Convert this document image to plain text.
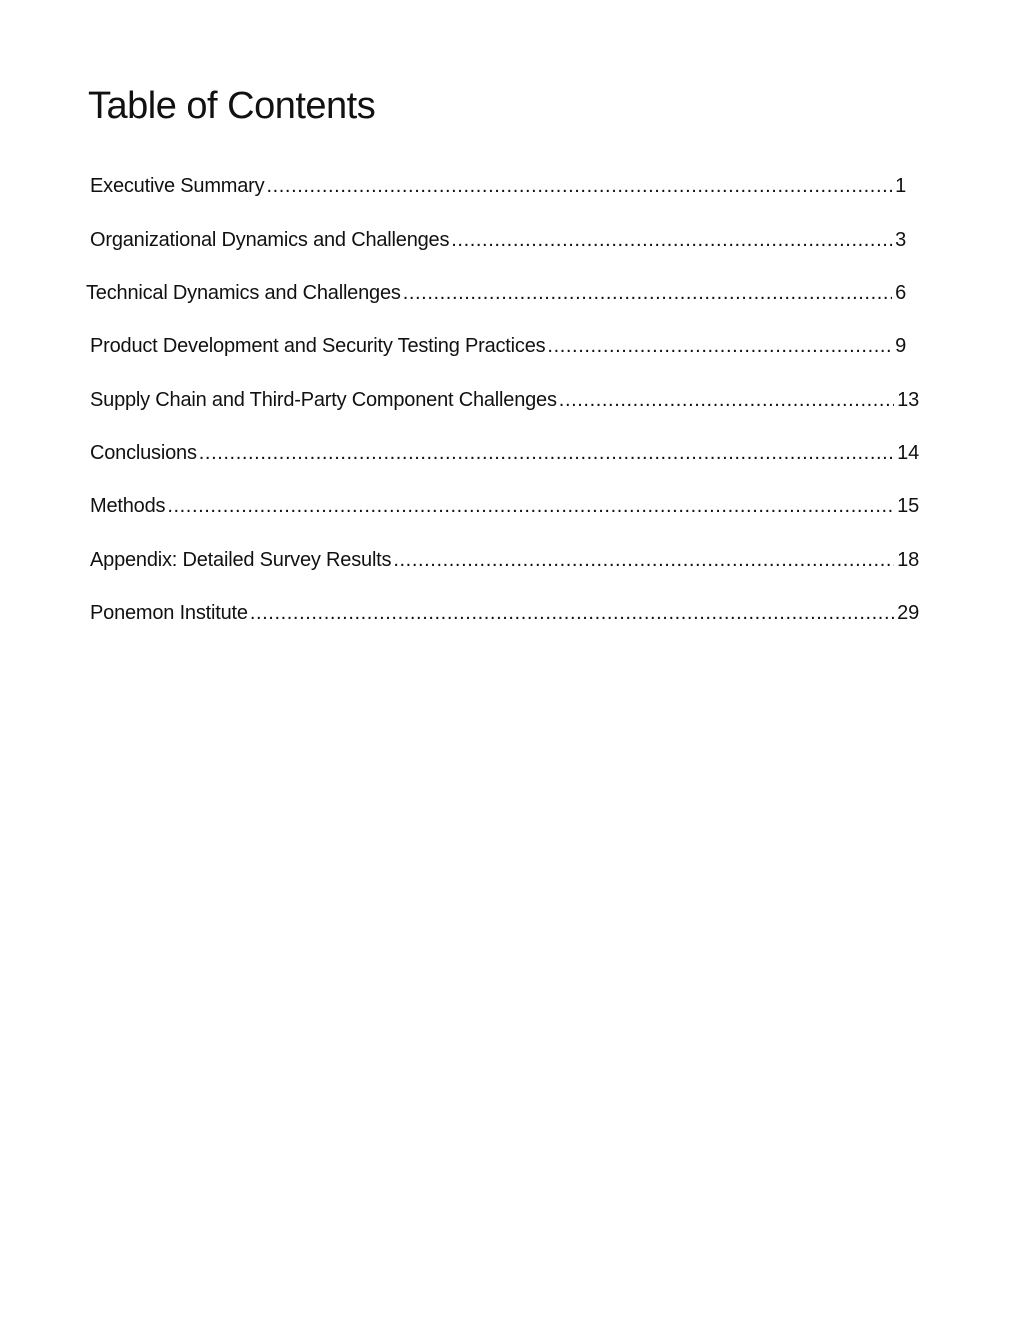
Table of Contents
Executive Summary .....	1
Organizational Dynamics and Challenges .....	3
Technical Dynamics and Challenges .....	6
Product Development and Security Testing Practices .....	9
Supply Chain and Third-Party Component Challenges .....	13
Conclusions .....	14
Methods .....	15
Appendix: Detailed Survey Results .....	18
Ponemon Institute .....	29
